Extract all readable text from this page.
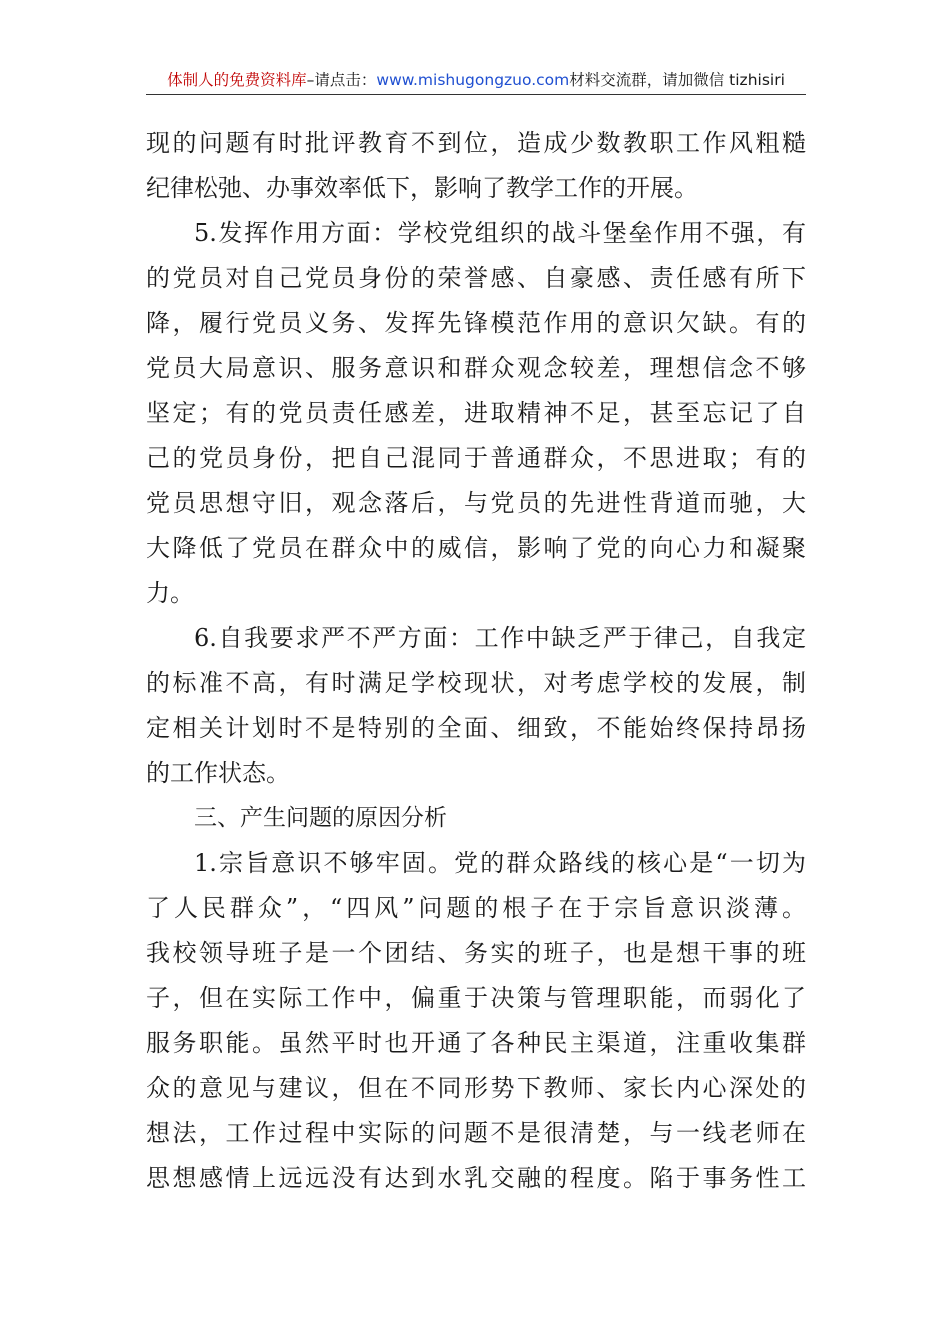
体制人的免费资料库–请点击：www.mishugongzuo.com材料交流群，请加微信 tizhisiri
现的问题有时批评教育不到位，造成少数教职工作风粗糙
纪律松弛、办事效率低下，影响了教学工作的开展。
5.发挥作用方面：学校党组织的战斗堡垒作用不强，有
的党员对自己党员身份的荣誉感、自豪感、责任感有所下
降，履行党员义务、发挥先锋模范作用的意识欠缺。有的
党员大局意识、服务意识和群众观念较差，理想信念不够
坚定；有的党员责任感差，进取精神不足，甚至忘记了自
己的党员身份，把自己混同于普通群众，不思进取；有的
党员思想守旧，观念落后，与党员的先进性背道而驰，大
大降低了党员在群众中的威信，影响了党的向心力和凝聚
力。
6.自我要求严不严方面：工作中缺乏严于律己，自我定
的标准不高，有时满足学校现状，对考虑学校的发展，制
定相关计划时不是特别的全面、细致，不能始终保持昂扬
的工作状态。
三、产生问题的原因分析
1.宗旨意识不够牢固。党的群众路线的核心是“一切为
了人民群众”，“四风”问题的根子在于宗旨意识淡薄。
我校领导班子是一个团结、务实的班子，也是想干事的班
子，但在实际工作中，偏重于决策与管理职能，而弱化了
服务职能。虽然平时也开通了各种民主渠道，注重收集群
众的意见与建议，但在不同形势下教师、家长内心深处的
想法，工作过程中实际的问题不是很清楚，与一线老师在
思想感情上远远没有达到水乳交融的程度。陷于事务性工
